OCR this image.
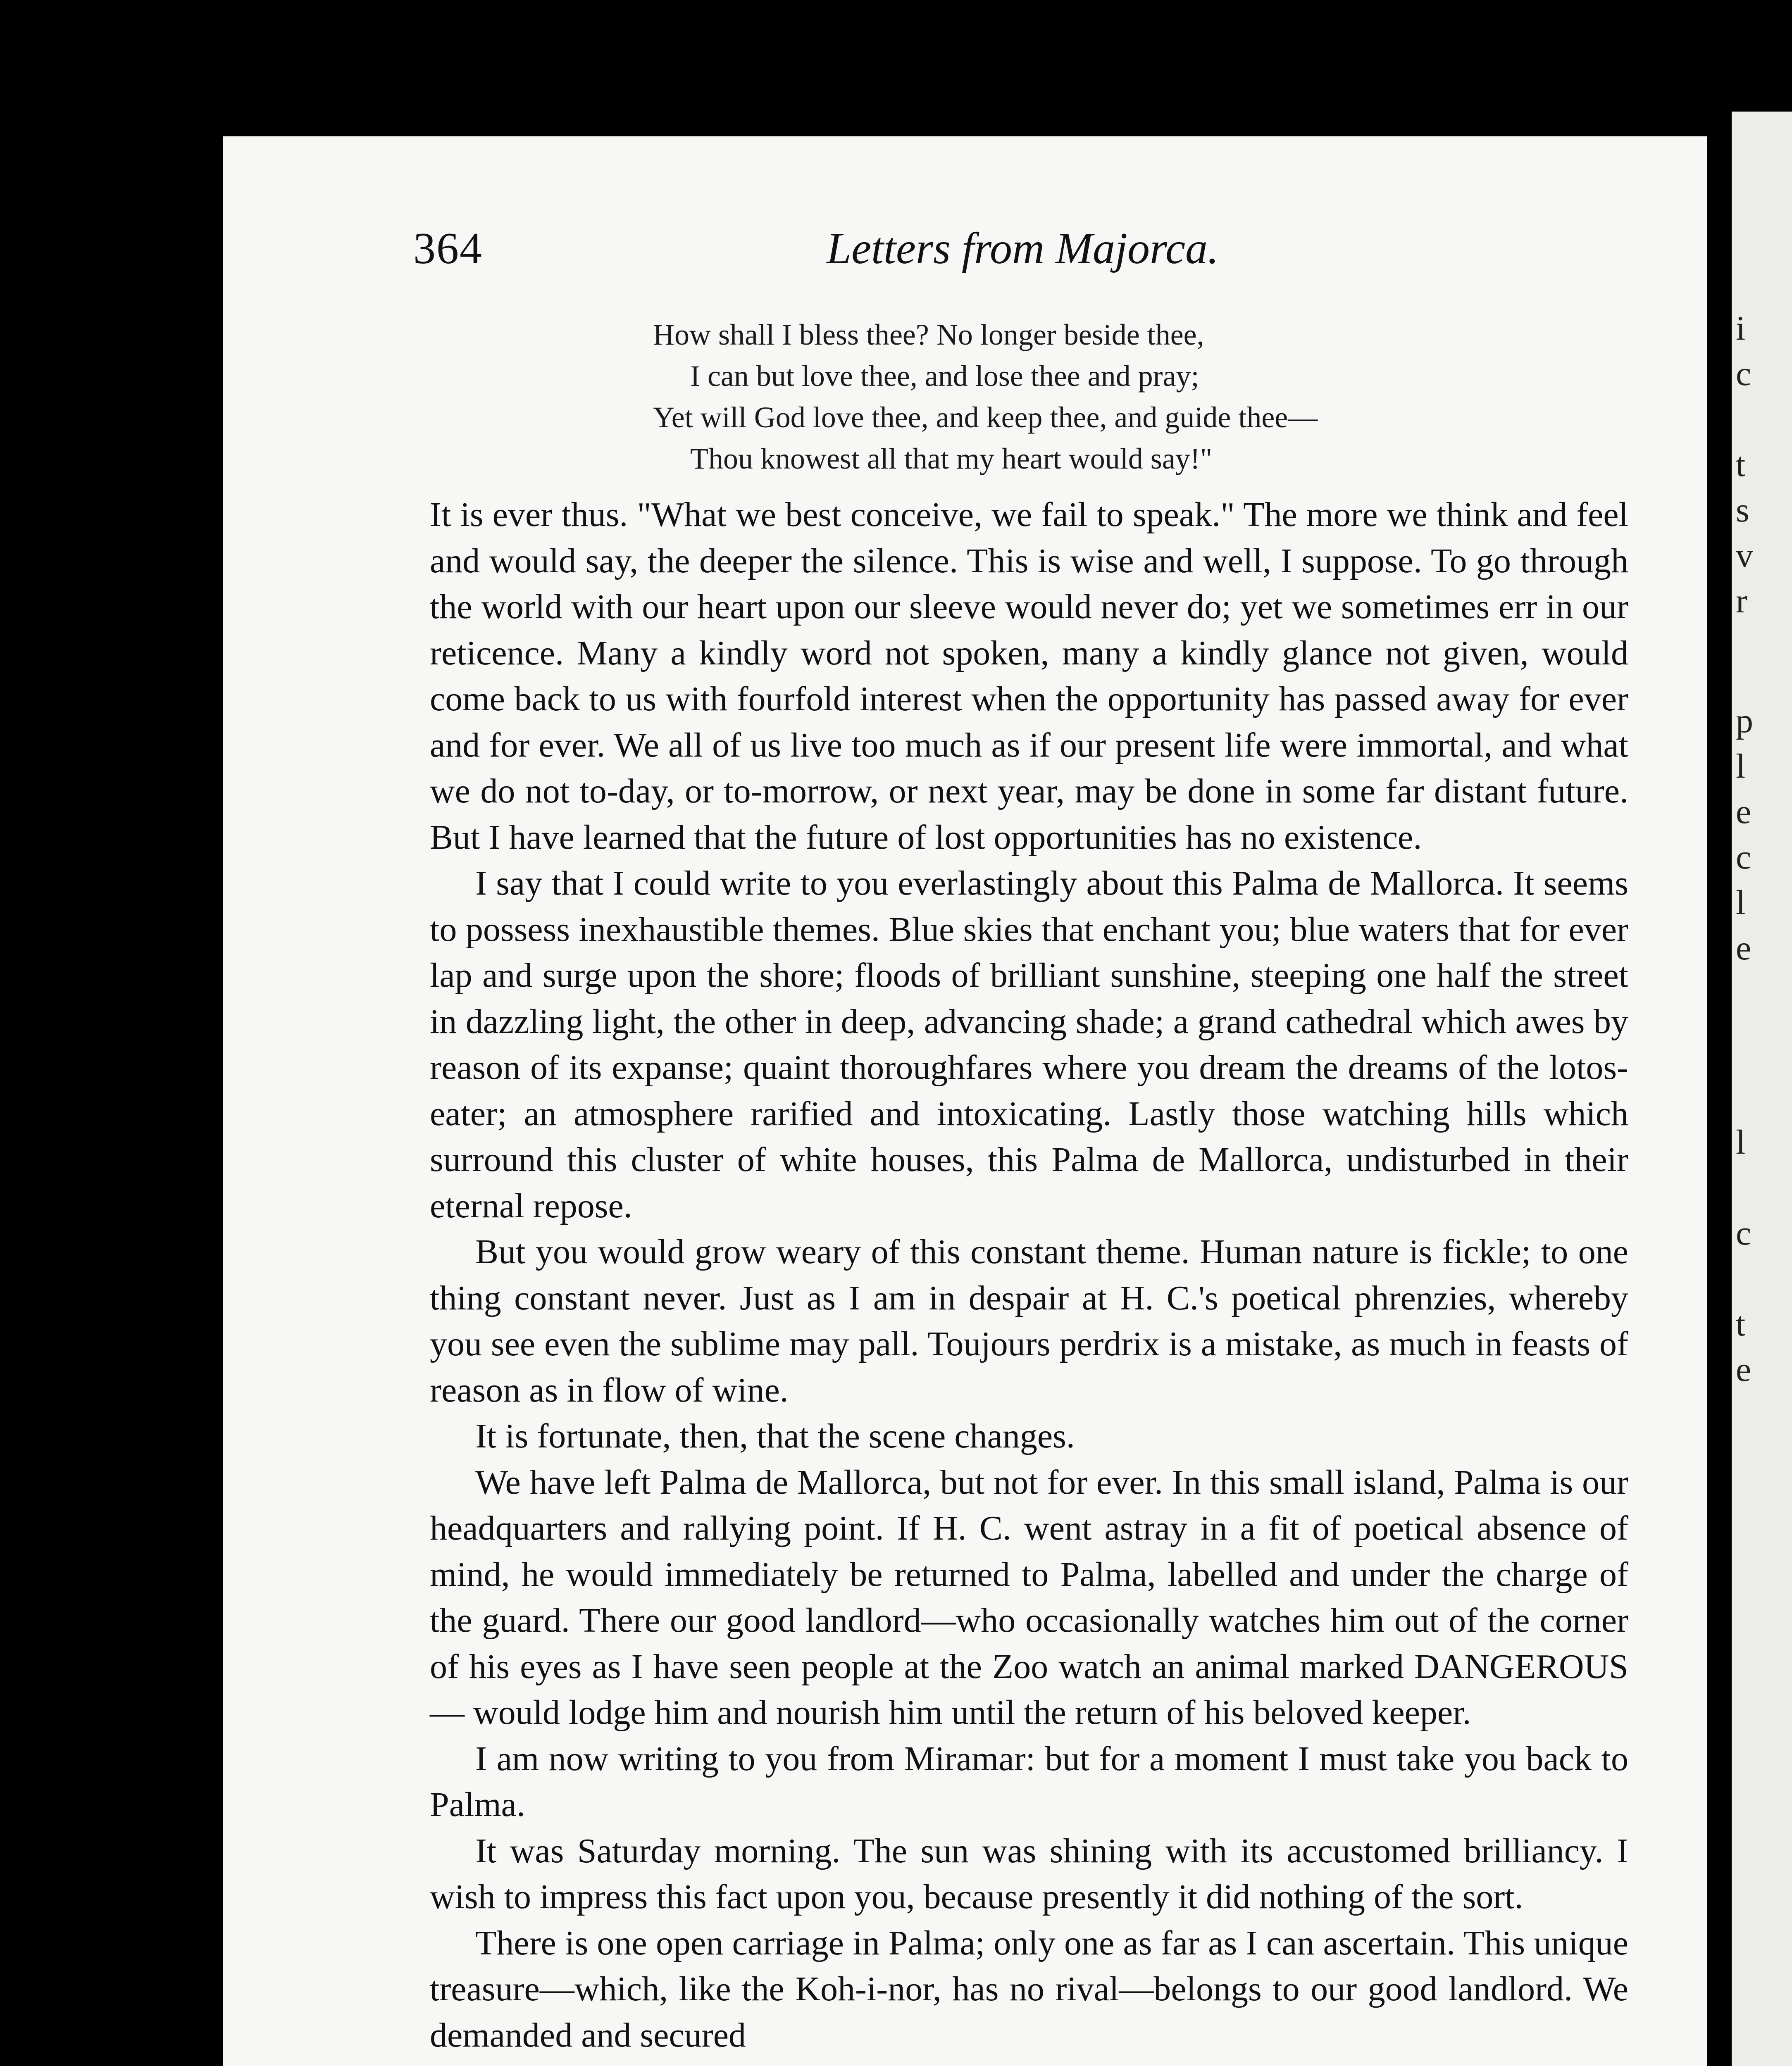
i
c
t
s
v
r
p
l
e
c
l
e
l
c
t
e
364	Letters from Majorca.
How shall I bless thee? No longer beside thee,
I can but love thee, and lose thee and pray;
Yet will God love thee, and keep thee, and guide thee—
Thou knowest all that my heart would say!"

It is ever thus. "What we best conceive, we fail to speak." The more we think and feel and would say, the deeper the silence. This is wise and well, I suppose. To go through the world with our heart upon our sleeve would never do; yet we sometimes err in our reticence. Many a kindly word not spoken, many a kindly glance not given, would come back to us with fourfold interest when the opportunity has passed away for ever and for ever. We all of us live too much as if our present life were immortal, and what we do not to-day, or to-morrow, or next year, may be done in some far distant future. But I have learned that the future of lost opportunities has no existence.

I say that I could write to you everlastingly about this Palma de Mallorca. It seems to possess inexhaustible themes. Blue skies that enchant you; blue waters that for ever lap and surge upon the shore; floods of brilliant sunshine, steeping one half the street in dazzling light, the other in deep, advancing shade; a grand cathedral which awes by reason of its expanse; quaint thoroughfares where you dream the dreams of the lotos-eater; an atmosphere rarified and intoxicating. Lastly those watching hills which surround this cluster of white houses, this Palma de Mallorca, undisturbed in their eternal repose.

But you would grow weary of this constant theme. Human nature is fickle; to one thing constant never. Just as I am in despair at H. C.'s poetical phrenzies, whereby you see even the sublime may pall. Toujours perdrix is a mistake, as much in feasts of reason as in flow of wine.

It is fortunate, then, that the scene changes.

We have left Palma de Mallorca, but not for ever. In this small island, Palma is our headquarters and rallying point. If H. C. went astray in a fit of poetical absence of mind, he would immediately be returned to Palma, labelled and under the charge of the guard. There our good landlord—who occasionally watches him out of the corner of his eyes as I have seen people at the Zoo watch an animal marked DANGEROUS — would lodge him and nourish him until the return of his beloved keeper.

I am now writing to you from Miramar: but for a moment I must take you back to Palma.

It was Saturday morning. The sun was shining with its accustomed brilliancy. I wish to impress this fact upon you, because presently it did nothing of the sort.

There is one open carriage in Palma; only one as far as I can ascertain. This unique treasure—which, like the Koh-i-nor, has no rival—belongs to our good landlord. We demanded and secured
